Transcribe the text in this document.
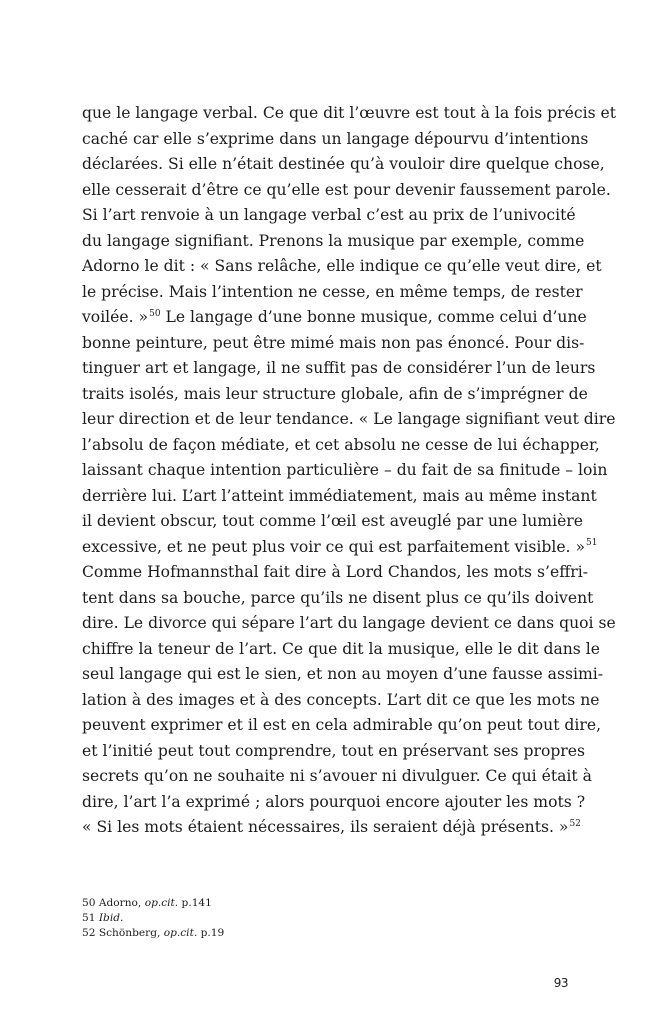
que le langage verbal. Ce que dit l’œuvre est tout à la fois précis et
caché car elle s’exprime dans un langage dépourvu d’intentions
déclarées. Si elle n’était destinée qu’à vouloir dire quelque chose,
elle cesserait d’être ce qu’elle est pour devenir faussement parole.
Si l’art renvoie à un langage verbal c’est au prix de l’univocité
du langage signifiant. Prenons la musique par exemple, comme
Adorno le dit : « Sans relâche, elle indique ce qu’elle veut dire, et
le précise. Mais l’intention ne cesse, en même temps, de rester
voilée. »$^{50}$ Le langage d’une bonne musique, comme celui d’une
bonne peinture, peut être mimé mais non pas énoncé. Pour dis-
tinguer art et langage, il ne suffit pas de considérer l’un de leurs
traits isolés, mais leur structure globale, afin de s’imprégner de
leur direction et de leur tendance. « Le langage signifiant veut dire
l’absolu de façon médiate, et cet absolu ne cesse de lui échapper,
laissant chaque intention particulière – du fait de sa finitude – loin
derrière lui. L’art l’atteint immédiatement, mais au même instant
il devient obscur, tout comme l’œil est aveuglé par une lumière
excessive, et ne peut plus voir ce qui est parfaitement visible. »$^{51}$
Comme Hofmannsthal fait dire à Lord Chandos, les mots s’effri-
tent dans sa bouche, parce qu’ils ne disent plus ce qu’ils doivent
dire. Le divorce qui sépare l’art du langage devient ce dans quoi se
chiffre la teneur de l’art. Ce que dit la musique, elle le dit dans le
seul langage qui est le sien, et non au moyen d’une fausse assimi-
lation à des images et à des concepts. L’art dit ce que les mots ne
peuvent exprimer et il est en cela admirable qu’on peut tout dire,
et l’initié peut tout comprendre, tout en préservant ses propres
secrets qu’on ne souhaite ni s’avouer ni divulguer. Ce qui était à
dire, l’art l’a exprimé ; alors pourquoi encore ajouter les mots ?
« Si les mots étaient nécessaires, ils seraient déjà présents. »$^{52}$
50 Adorno, op.cit. p.141
51 Ibid.
52 Schönberg, op.cit. p.19
93
